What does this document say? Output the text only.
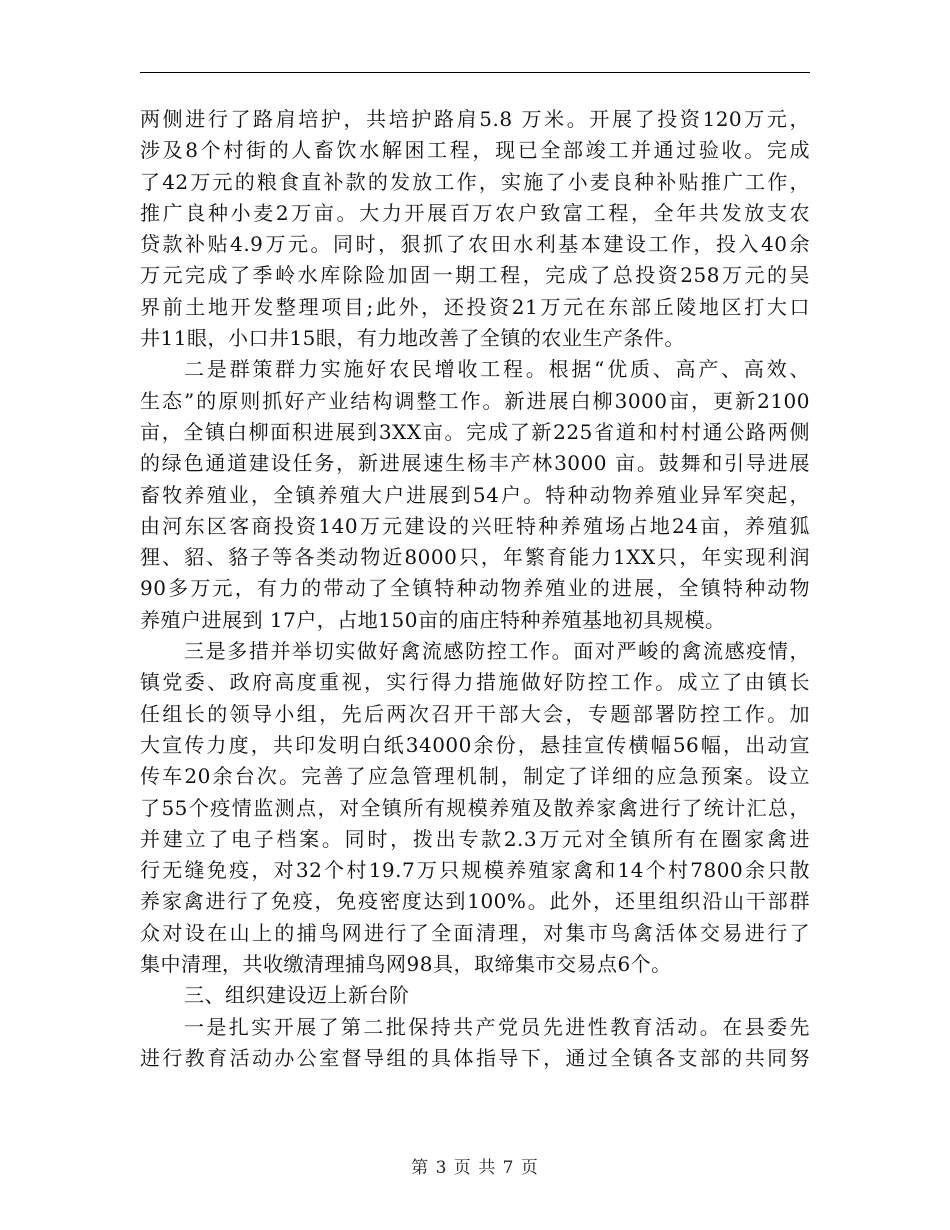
两侧进行了路肩培护，共培护路肩5.8 万米。开展了投资120万元，
涉及8个村街的人畜饮水解困工程，现已全部竣工并通过验收。完成
了42万元的粮食直补款的发放工作，实施了小麦良种补贴推广工作，
推广良种小麦2万亩。大力开展百万农户致富工程，全年共发放支农
贷款补贴4.9万元。同时，狠抓了农田水利基本建设工作，投入40余
万元完成了季岭水库除险加固一期工程，完成了总投资258万元的吴
界前土地开发整理项目;此外，还投资21万元在东部丘陵地区打大口
井11眼，小口井15眼，有力地改善了全镇的农业生产条件。
二是群策群力实施好农民增收工程。根据“优质、高产、高效、
生态”的原则抓好产业结构调整工作。新进展白柳3000亩，更新2100
亩，全镇白柳面积进展到3XX亩。完成了新225省道和村村通公路两侧
的绿色通道建设任务，新进展速生杨丰产林3000 亩。鼓舞和引导进展
畜牧养殖业，全镇养殖大户进展到54户。特种动物养殖业异军突起，
由河东区客商投资140万元建设的兴旺特种养殖场占地24亩，养殖狐
狸、貂、貉子等各类动物近8000只，年繁育能力1XX只，年实现利润
90多万元，有力的带动了全镇特种动物养殖业的进展，全镇特种动物
养殖户进展到 17户，占地150亩的庙庄特种养殖基地初具规模。
三是多措并举切实做好禽流感防控工作。面对严峻的禽流感疫情，
镇党委、政府高度重视，实行得力措施做好防控工作。成立了由镇长
任组长的领导小组，先后两次召开干部大会，专题部署防控工作。加
大宣传力度，共印发明白纸34000余份，悬挂宣传横幅56幅，出动宣
传车20余台次。完善了应急管理机制，制定了详细的应急预案。设立
了55个疫情监测点，对全镇所有规模养殖及散养家禽进行了统计汇总，
并建立了电子档案。同时，拨出专款2.3万元对全镇所有在圈家禽进
行无缝免疫，对32个村19.7万只规模养殖家禽和14个村7800余只散
养家禽进行了免疫，免疫密度达到100%。此外，还里组织沿山干部群
众对设在山上的捕鸟网进行了全面清理，对集市鸟禽活体交易进行了
集中清理，共收缴清理捕鸟网98具，取缔集市交易点6个。
三、组织建设迈上新台阶
一是扎实开展了第二批保持共产党员先进性教育活动。在县委先
进行教育活动办公室督导组的具体指导下，通过全镇各支部的共同努
第 3 页 共 7 页
